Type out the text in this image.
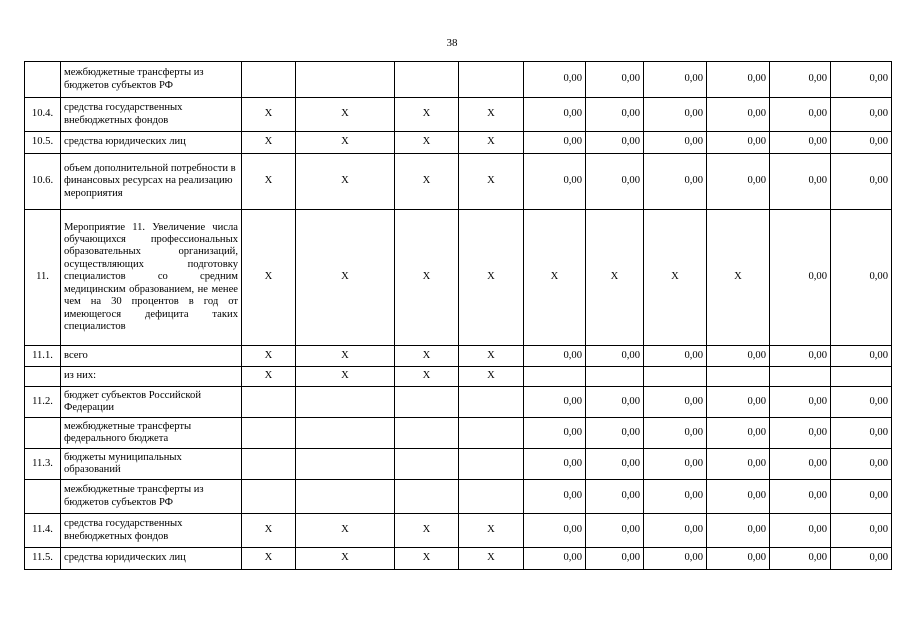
38
	межбюджетные трансферты из бюджетов субъектов РФ					0,00	0,00	0,00	0,00	0,00	0,00
10.4.	средства государственных внебюджетных фондов	X	X	X	X	0,00	0,00	0,00	0,00	0,00	0,00
10.5.	средства юридических лиц	X	X	X	X	0,00	0,00	0,00	0,00	0,00	0,00
10.6.	объем дополнительной потребности в финансовых ресурсах на реализацию мероприятия	X	X	X	X	0,00	0,00	0,00	0,00	0,00	0,00
11.	Мероприятие 11. Увеличение числа обучающихся профессиональных образовательных организаций, осуществляющих подготовку специалистов со средним медицинским образованием, не менее чем на 30 процентов в год от имеющегося дефицита таких специалистов	X	X	X	X	X	X	X	X	0,00	0,00
11.1.	всего	X	X	X	X	0,00	0,00	0,00	0,00	0,00	0,00
	из них:	X	X	X	X						
11.2.	бюджет субъектов Российской Федерации					0,00	0,00	0,00	0,00	0,00	0,00
	межбюджетные трансферты федерального бюджета					0,00	0,00	0,00	0,00	0,00	0,00
11.3.	бюджеты муниципальных образований					0,00	0,00	0,00	0,00	0,00	0,00
	межбюджетные трансферты из бюджетов субъектов РФ					0,00	0,00	0,00	0,00	0,00	0,00
11.4.	средства государственных внебюджетных фондов	X	X	X	X	0,00	0,00	0,00	0,00	0,00	0,00
11.5.	средства юридических лиц	X	X	X	X	0,00	0,00	0,00	0,00	0,00	0,00
